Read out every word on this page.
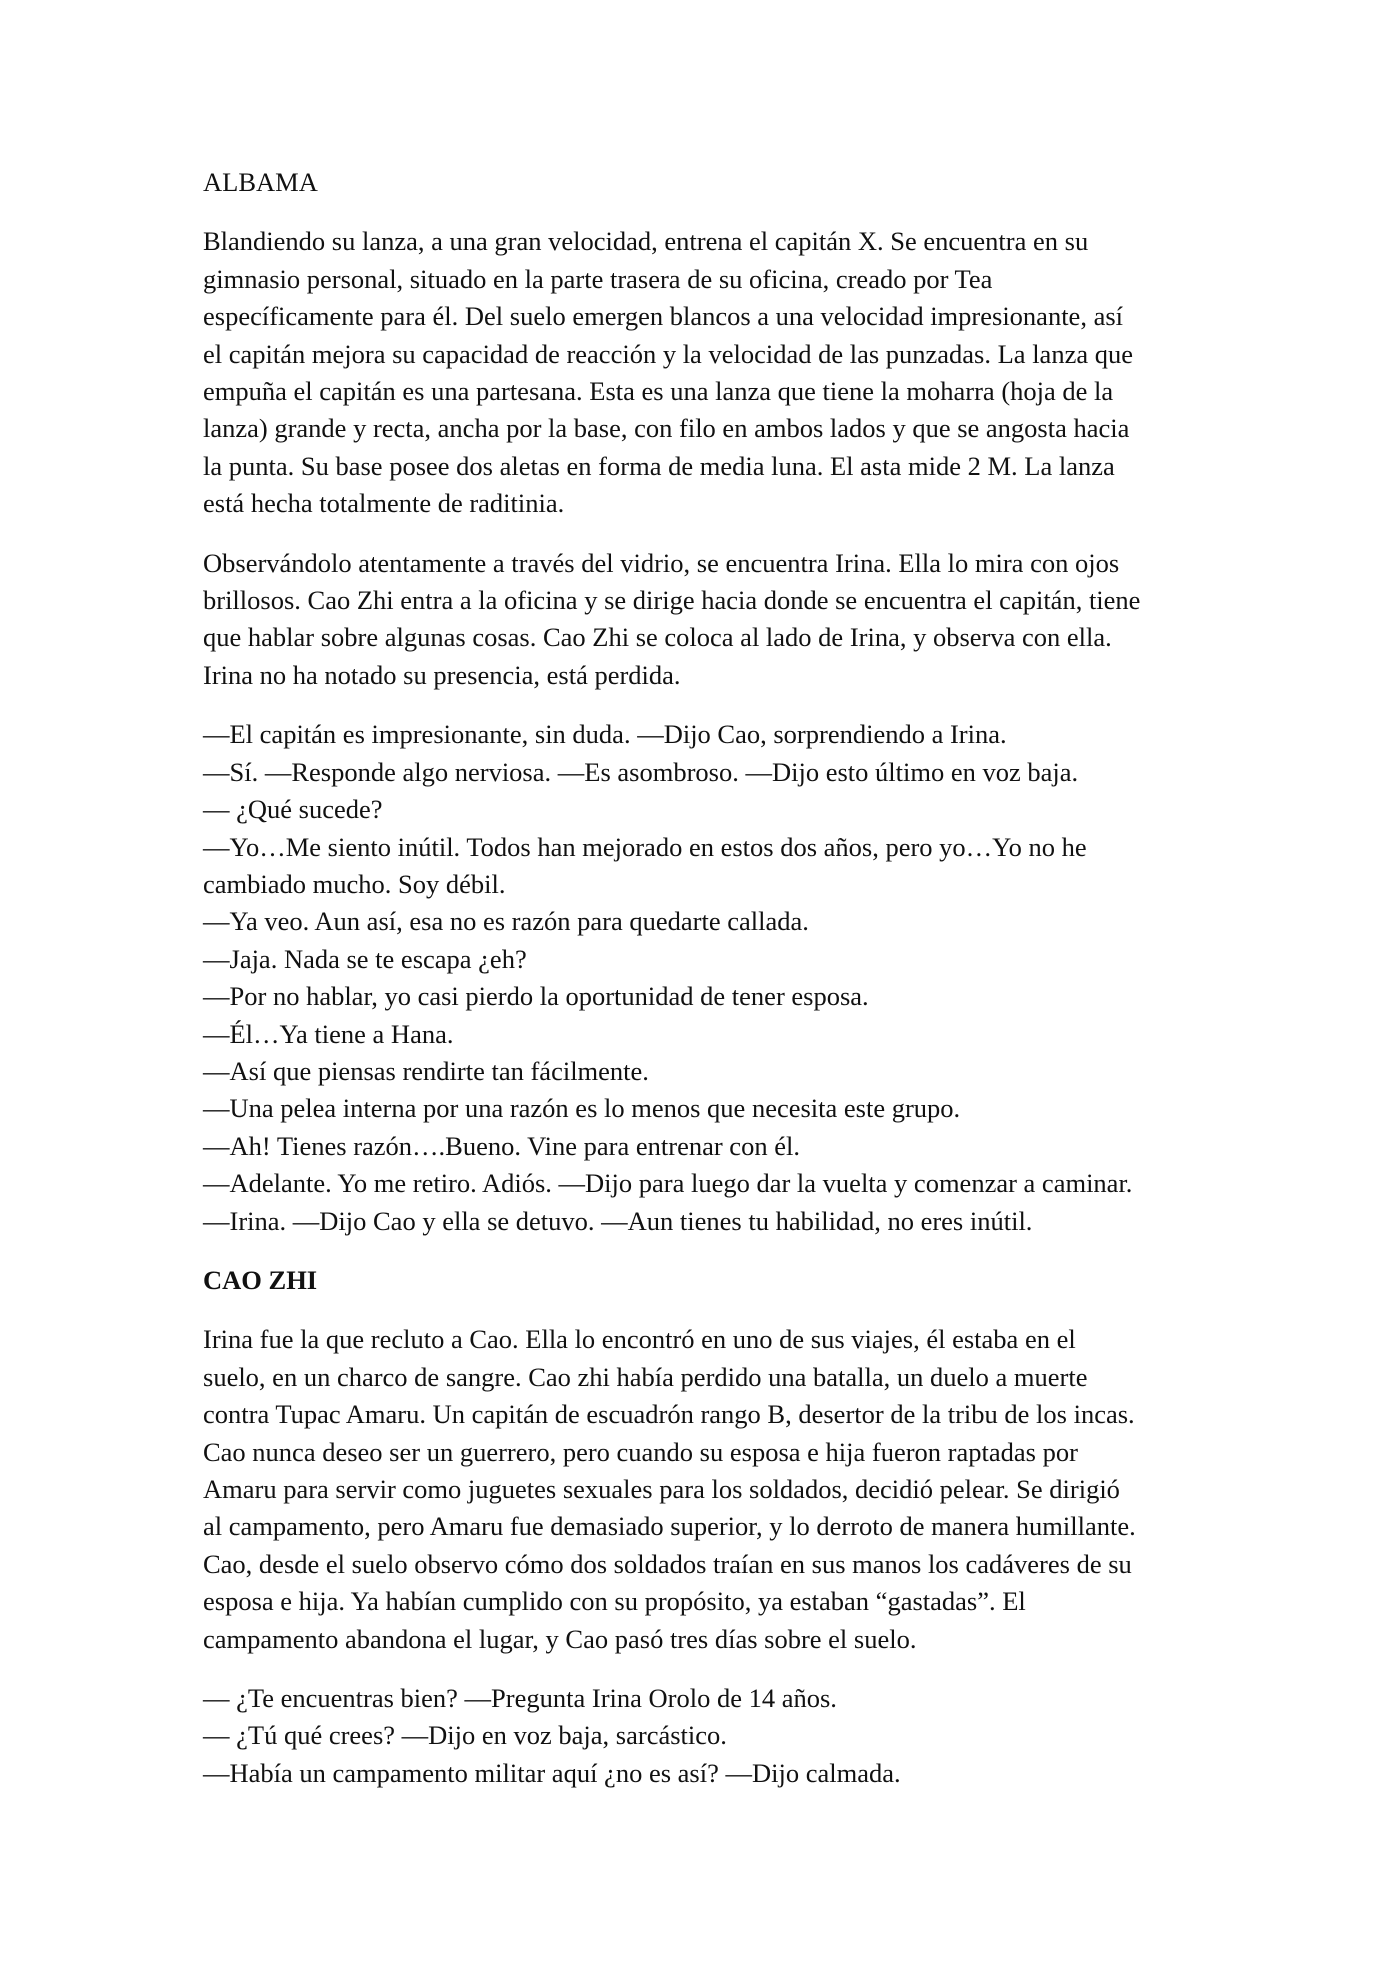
ALBAMA

Blandiendo su lanza, a una gran velocidad, entrena el capitán X. Se encuentra en su
gimnasio personal, situado en la parte trasera de su oficina, creado por Tea
específicamente para él. Del suelo emergen blancos a una velocidad impresionante, así
el capitán mejora su capacidad de reacción y la velocidad de las punzadas. La lanza que
empuña el capitán es una partesana. Esta es una lanza que tiene la moharra (hoja de la
lanza) grande y recta, ancha por la base, con filo en ambos lados y que se angosta hacia
la punta. Su base posee dos aletas en forma de media luna. El asta mide 2 M. La lanza
está hecha totalmente de raditinia.

Observándolo atentamente a través del vidrio, se encuentra Irina. Ella lo mira con ojos
brillosos. Cao Zhi entra a la oficina y se dirige hacia donde se encuentra el capitán, tiene
que hablar sobre algunas cosas. Cao Zhi se coloca al lado de Irina, y observa con ella.
Irina no ha notado su presencia, está perdida.

—El capitán es impresionante, sin duda. —Dijo Cao, sorprendiendo a Irina.
—Sí. —Responde algo nerviosa. —Es asombroso. —Dijo esto último en voz baja.
— ¿Qué sucede?
—Yo…Me siento inútil. Todos han mejorado en estos dos años, pero yo…Yo no he
cambiado mucho. Soy débil.
—Ya veo. Aun así, esa no es razón para quedarte callada.
—Jaja. Nada se te escapa ¿eh?
—Por no hablar, yo casi pierdo la oportunidad de tener esposa.
—Él…Ya tiene a Hana.
—Así que piensas rendirte tan fácilmente.
—Una pelea interna por una razón es lo menos que necesita este grupo.
—Ah! Tienes razón….Bueno. Vine para entrenar con él.
—Adelante. Yo me retiro. Adiós. —Dijo para luego dar la vuelta y comenzar a caminar.
—Irina. —Dijo Cao y ella se detuvo. —Aun tienes tu habilidad, no eres inútil.
CAO ZHI

Irina fue la que recluto a Cao. Ella lo encontró en uno de sus viajes, él estaba en el
suelo, en un charco de sangre. Cao zhi había perdido una batalla, un duelo a muerte
contra Tupac Amaru. Un capitán de escuadrón rango B, desertor de la tribu de los incas.
Cao nunca deseo ser un guerrero, pero cuando su esposa e hija fueron raptadas por
Amaru para servir como juguetes sexuales para los soldados, decidió pelear. Se dirigió
al campamento, pero Amaru fue demasiado superior, y lo derroto de manera humillante.
Cao, desde el suelo observo cómo dos soldados traían en sus manos los cadáveres de su
esposa e hija. Ya habían cumplido con su propósito, ya estaban “gastadas”. El
campamento abandona el lugar, y Cao pasó tres días sobre el suelo.

— ¿Te encuentras bien? —Pregunta Irina Orolo de 14 años.
— ¿Tú qué crees? —Dijo en voz baja, sarcástico.
—Había un campamento militar aquí ¿no es así? —Dijo calmada.
